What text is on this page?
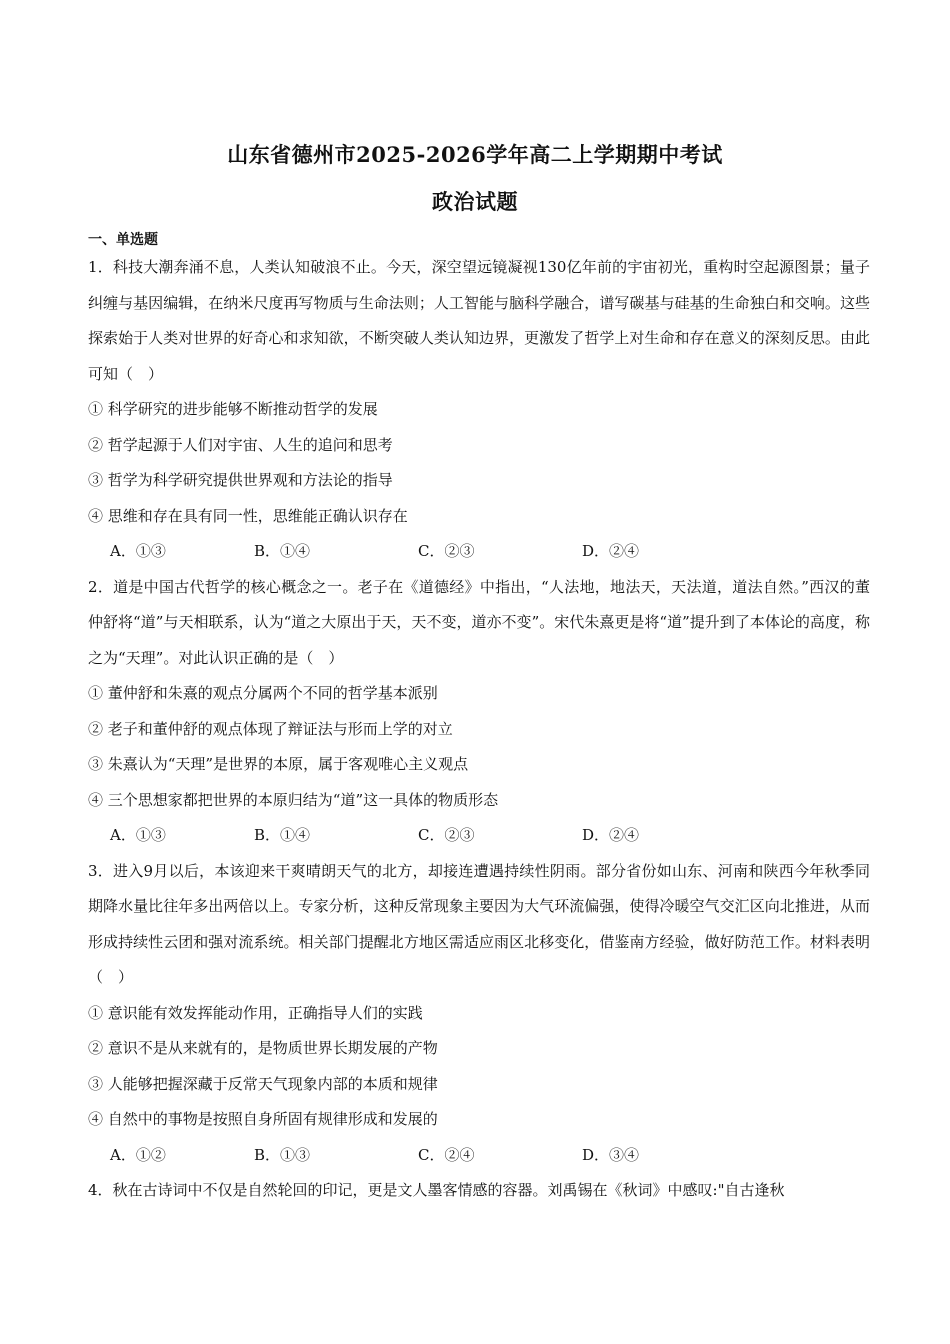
山东省德州市2025-2026学年高二上学期期中考试
政治试题
一、单选题
1．科技大潮奔涌不息，人类认知破浪不止。今天，深空望远镜凝视130亿年前的宇宙初光，重构时空起源图景；量子纠缠与基因编辑，在纳米尺度再写物质与生命法则；人工智能与脑科学融合，谱写碳基与硅基的生命独白和交响。这些探索始于人类对世界的好奇心和求知欲，不断突破人类认知边界，更激发了哲学上对生命和存在意义的深刻反思。由此可知（　）
① 科学研究的进步能够不断推动哲学的发展
② 哲学起源于人们对宇宙、人生的追问和思考
③ 哲学为科学研究提供世界观和方法论的指导
④ 思维和存在具有同一性，思维能正确认识存在
A．①③	B．①④	C．②③	D．②④
2．道是中国古代哲学的核心概念之一。老子在《道德经》中指出，“人法地，地法天，天法道，道法自然。”西汉的董仲舒将“道”与天相联系，认为“道之大原出于天，天不变，道亦不变”。宋代朱熹更是将“道”提升到了本体论的高度，称之为“天理”。对此认识正确的是（　）
① 董仲舒和朱熹的观点分属两个不同的哲学基本派别
② 老子和董仲舒的观点体现了辩证法与形而上学的对立
③ 朱熹认为“天理”是世界的本原，属于客观唯心主义观点
④ 三个思想家都把世界的本原归结为“道”这一具体的物质形态
A．①③	B．①④	C．②③	D．②④
3．进入9月以后，本该迎来干爽晴朗天气的北方，却接连遭遇持续性阴雨。部分省份如山东、河南和陕西今年秋季同期降水量比往年多出两倍以上。专家分析，这种反常现象主要因为大气环流偏强，使得冷暖空气交汇区向北推进，从而形成持续性云团和强对流系统。相关部门提醒北方地区需适应雨区北移变化，借鉴南方经验，做好防范工作。材料表明（　）
① 意识能有效发挥能动作用，正确指导人们的实践
② 意识不是从来就有的，是物质世界长期发展的产物
③ 人能够把握深藏于反常天气现象内部的本质和规律
④ 自然中的事物是按照自身所固有规律形成和发展的
A．①②	B．①③	C．②④	D．③④
4．秋在古诗词中不仅是自然轮回的印记，更是文人墨客情感的容器。刘禹锡在《秋词》中感叹:"自古逢秋
